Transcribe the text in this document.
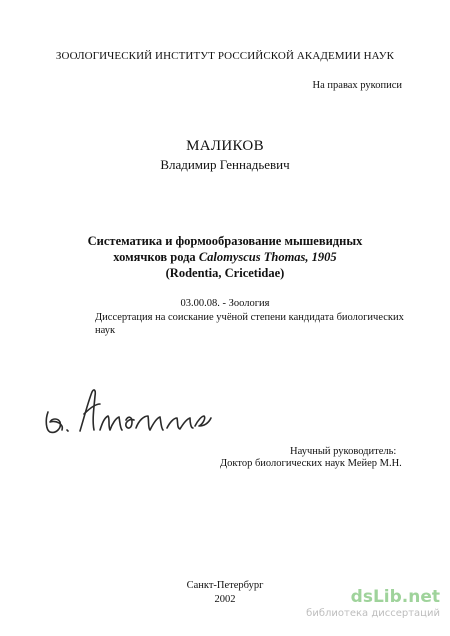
ЗООЛОГИЧЕСКИЙ ИНСТИТУТ РОССИЙСКОЙ АКАДЕМИИ НАУК

На правах рукописи

МАЛИКОВ

Владимир Геннадьевич

Систематика и формообразование мышевидных
хомячков рода Calomyscus Thomas, 1905
(Rodentia, Cricetidae)

03.00.08. - Зоология

Диссертация на соискание учёной степени кандидата биологических наук

Научный руководитель:

Доктор биологических наук Мейер М.Н.

Санкт-Петербург

2002	dsLib.net
библиотека диссертаций
